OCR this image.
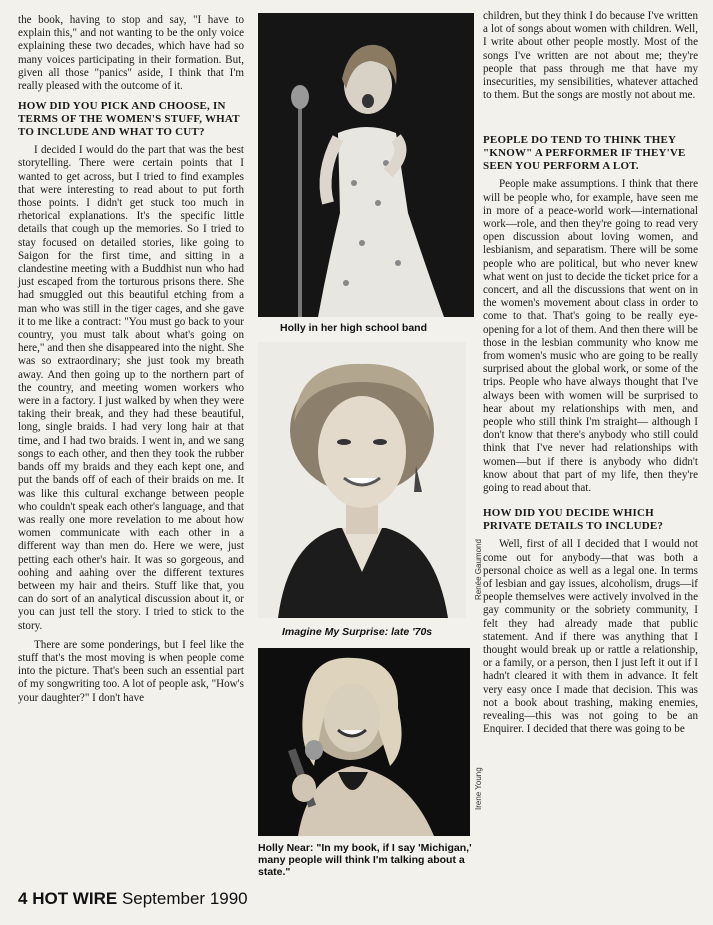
the book, having to stop and say, "I have to explain this," and not wanting to be the only voice explaining these two decades, which have had so many voices participating in their formation. But, given all those "panics" aside, I think that I'm really pleased with the outcome of it.

HOW DID YOU PICK AND CHOOSE, IN TERMS OF THE WOMEN'S STUFF, WHAT TO INCLUDE AND WHAT TO CUT?

I decided I would do the part that was the best storytelling. There were certain points that I wanted to get across, but I tried to find examples that were interesting to read about to put forth those points. I didn't get stuck too much in rhetorical explanations. It's the specific little details that cough up the memories. So I tried to stay focused on detailed stories, like going to Saigon for the first time, and sitting in a clandestine meeting with a Buddhist nun who had just escaped from the torturous prisons there. She had smuggled out this beautiful etching from a man who was still in the tiger cages, and she gave it to me like a contract: "You must go back to your country, you must talk about what's going on here," and then she disappeared into the night. She was so extraordinary; she just took my breath away. And then going up to the northern part of the country, and meeting women workers who were in a factory. I just walked by when they were taking their break, and they had these beautiful, long, single braids. I had very long hair at that time, and I had two braids. I went in, and we sang songs to each other, and then they took the rubber bands off my braids and they each kept one, and put the bands off of each of their braids on me. It was like this cultural exchange between people who couldn't speak each other's language, and that was really one more revelation to me about how women communicate with each other in a different way than men do. Here we were, just petting each other's hair. It was so gorgeous, and oohing and aahing over the different textures between my hair and theirs. Stuff like that, you can do sort of an analytical discussion about it, or you can just tell the story. I tried to stick to the story.

There are some ponderings, but I feel like the stuff that's the most moving is when people come into the picture. That's been such an essential part of my songwriting too. A lot of people ask, "How's your daughter?" I don't have

Holly in her high school band
Renée Gaumond
Imagine My Surprise: late '70s
Irene Young
Holly Near: "In my book, if I say 'Michigan,' many people will think I'm talking about a state."

children, but they think I do because I've written a lot of songs about women with children. Well, I write about other people mostly. Most of the songs I've written are not about me; they're people that pass through me that have my insecurities, my sensibilities, whatever attached to them. But the songs are mostly not about me.

PEOPLE DO TEND TO THINK THEY "KNOW" A PERFORMER IF THEY'VE SEEN YOU PERFORM A LOT.

People make assumptions. I think that there will be people who, for example, have seen me in more of a peace-world work—international work—role, and then they're going to read very open discussion about loving women, and lesbianism, and separatism. There will be some people who are political, but who never knew what went on just to decide the ticket price for a concert, and all the discussions that went on in the women's movement about class in order to come to that. That's going to be really eye-opening for a lot of them. And then there will be those in the lesbian community who know me from women's music who are going to be really surprised about the global work, or some of the trips. People who have always thought that I've always been with women will be surprised to hear about my relationships with men, and people who still think I'm straight— although I don't know that there's anybody who still could think that I've never had relationships with women—but if there is anybody who didn't know about that part of my life, then they're going to read about that.

HOW DID YOU DECIDE WHICH PRIVATE DETAILS TO INCLUDE?

Well, first of all I decided that I would not come out for anybody—that was both a personal choice as well as a legal one. In terms of lesbian and gay issues, alcoholism, drugs—if people themselves were actively involved in the gay community or the sobriety community, I felt they had already made that public statement. And if there was anything that I thought would break up or rattle a relationship, or a family, or a person, then I just left it out if I hadn't cleared it with them in advance. It felt very easy once I made that decision. This was not a book about trashing, making enemies, revealing—this was not going to be an Enquirer. I decided that there was going to be

4 HOT WIRE September 1990
